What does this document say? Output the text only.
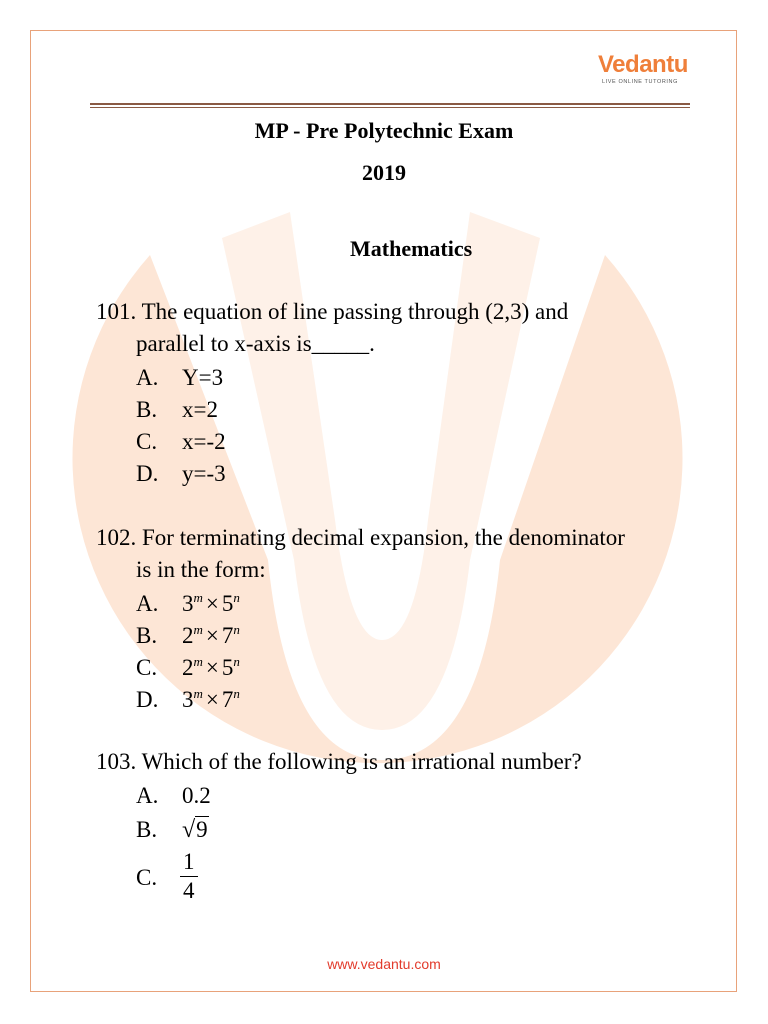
Vedantu
LIVE ONLINE TUTORING
MP - Pre Polytechnic Exam
2019
Mathematics
101. The equation of line passing through (2,3) and
parallel to x-axis is_____.
A. Y=3
B. x=2
C. x=-2
D. y=-3
102. For terminating decimal expansion, the denominator
is in the form:
A. $3^m \times 5^n$
B. $2^m \times 7^n$
C. $2^m \times 5^n$
D. $3^m \times 7^n$
103. Which of the following is an irrational number?
A. 0.2
B. √9
C. $\frac{1}{4}$
www.vedantu.com
